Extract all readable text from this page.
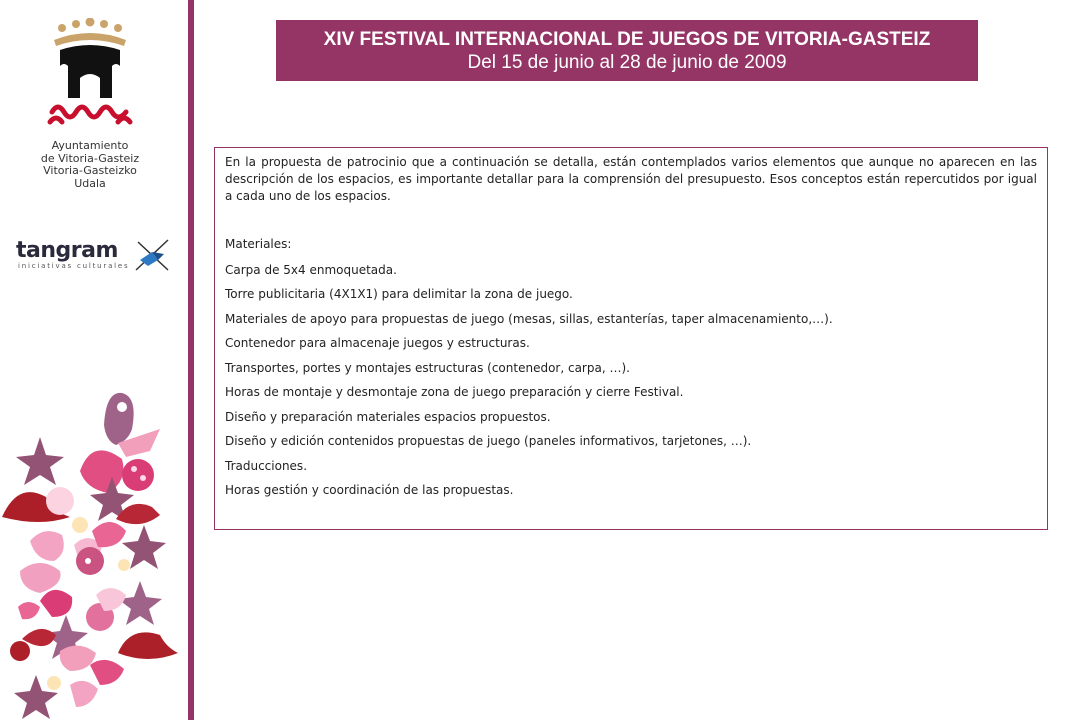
Ayuntamiento
de Vitoria-Gasteiz
Vitoria-Gasteizko
Udala
tangram
iniciativas culturales
XIV FESTIVAL INTERNACIONAL DE JUEGOS DE VITORIA-GASTEIZ
Del 15 de junio al 28 de junio de 2009

En la propuesta de patrocinio que a continuación se detalla, están contemplados varios elementos que aunque no aparecen en las descripción de los espacios, es importante detallar para la comprensión del presupuesto. Esos conceptos están repercutidos por igual a cada uno de los espacios.

Materiales:
Carpa de 5x4 enmoquetada.
Torre publicitaria (4X1X1) para delimitar la zona de juego.
Materiales de apoyo para propuestas de juego (mesas, sillas, estanterías, taper almacenamiento,…).
Contenedor para almacenaje juegos y estructuras.
Transportes, portes y montajes estructuras (contenedor, carpa, …).
Horas de montaje y desmontaje zona de juego preparación y cierre Festival.
Diseño y preparación materiales espacios propuestos.
Diseño y edición contenidos propuestas de juego (paneles informativos, tarjetones, …).
Traducciones.
Horas gestión y coordinación de las propuestas.
